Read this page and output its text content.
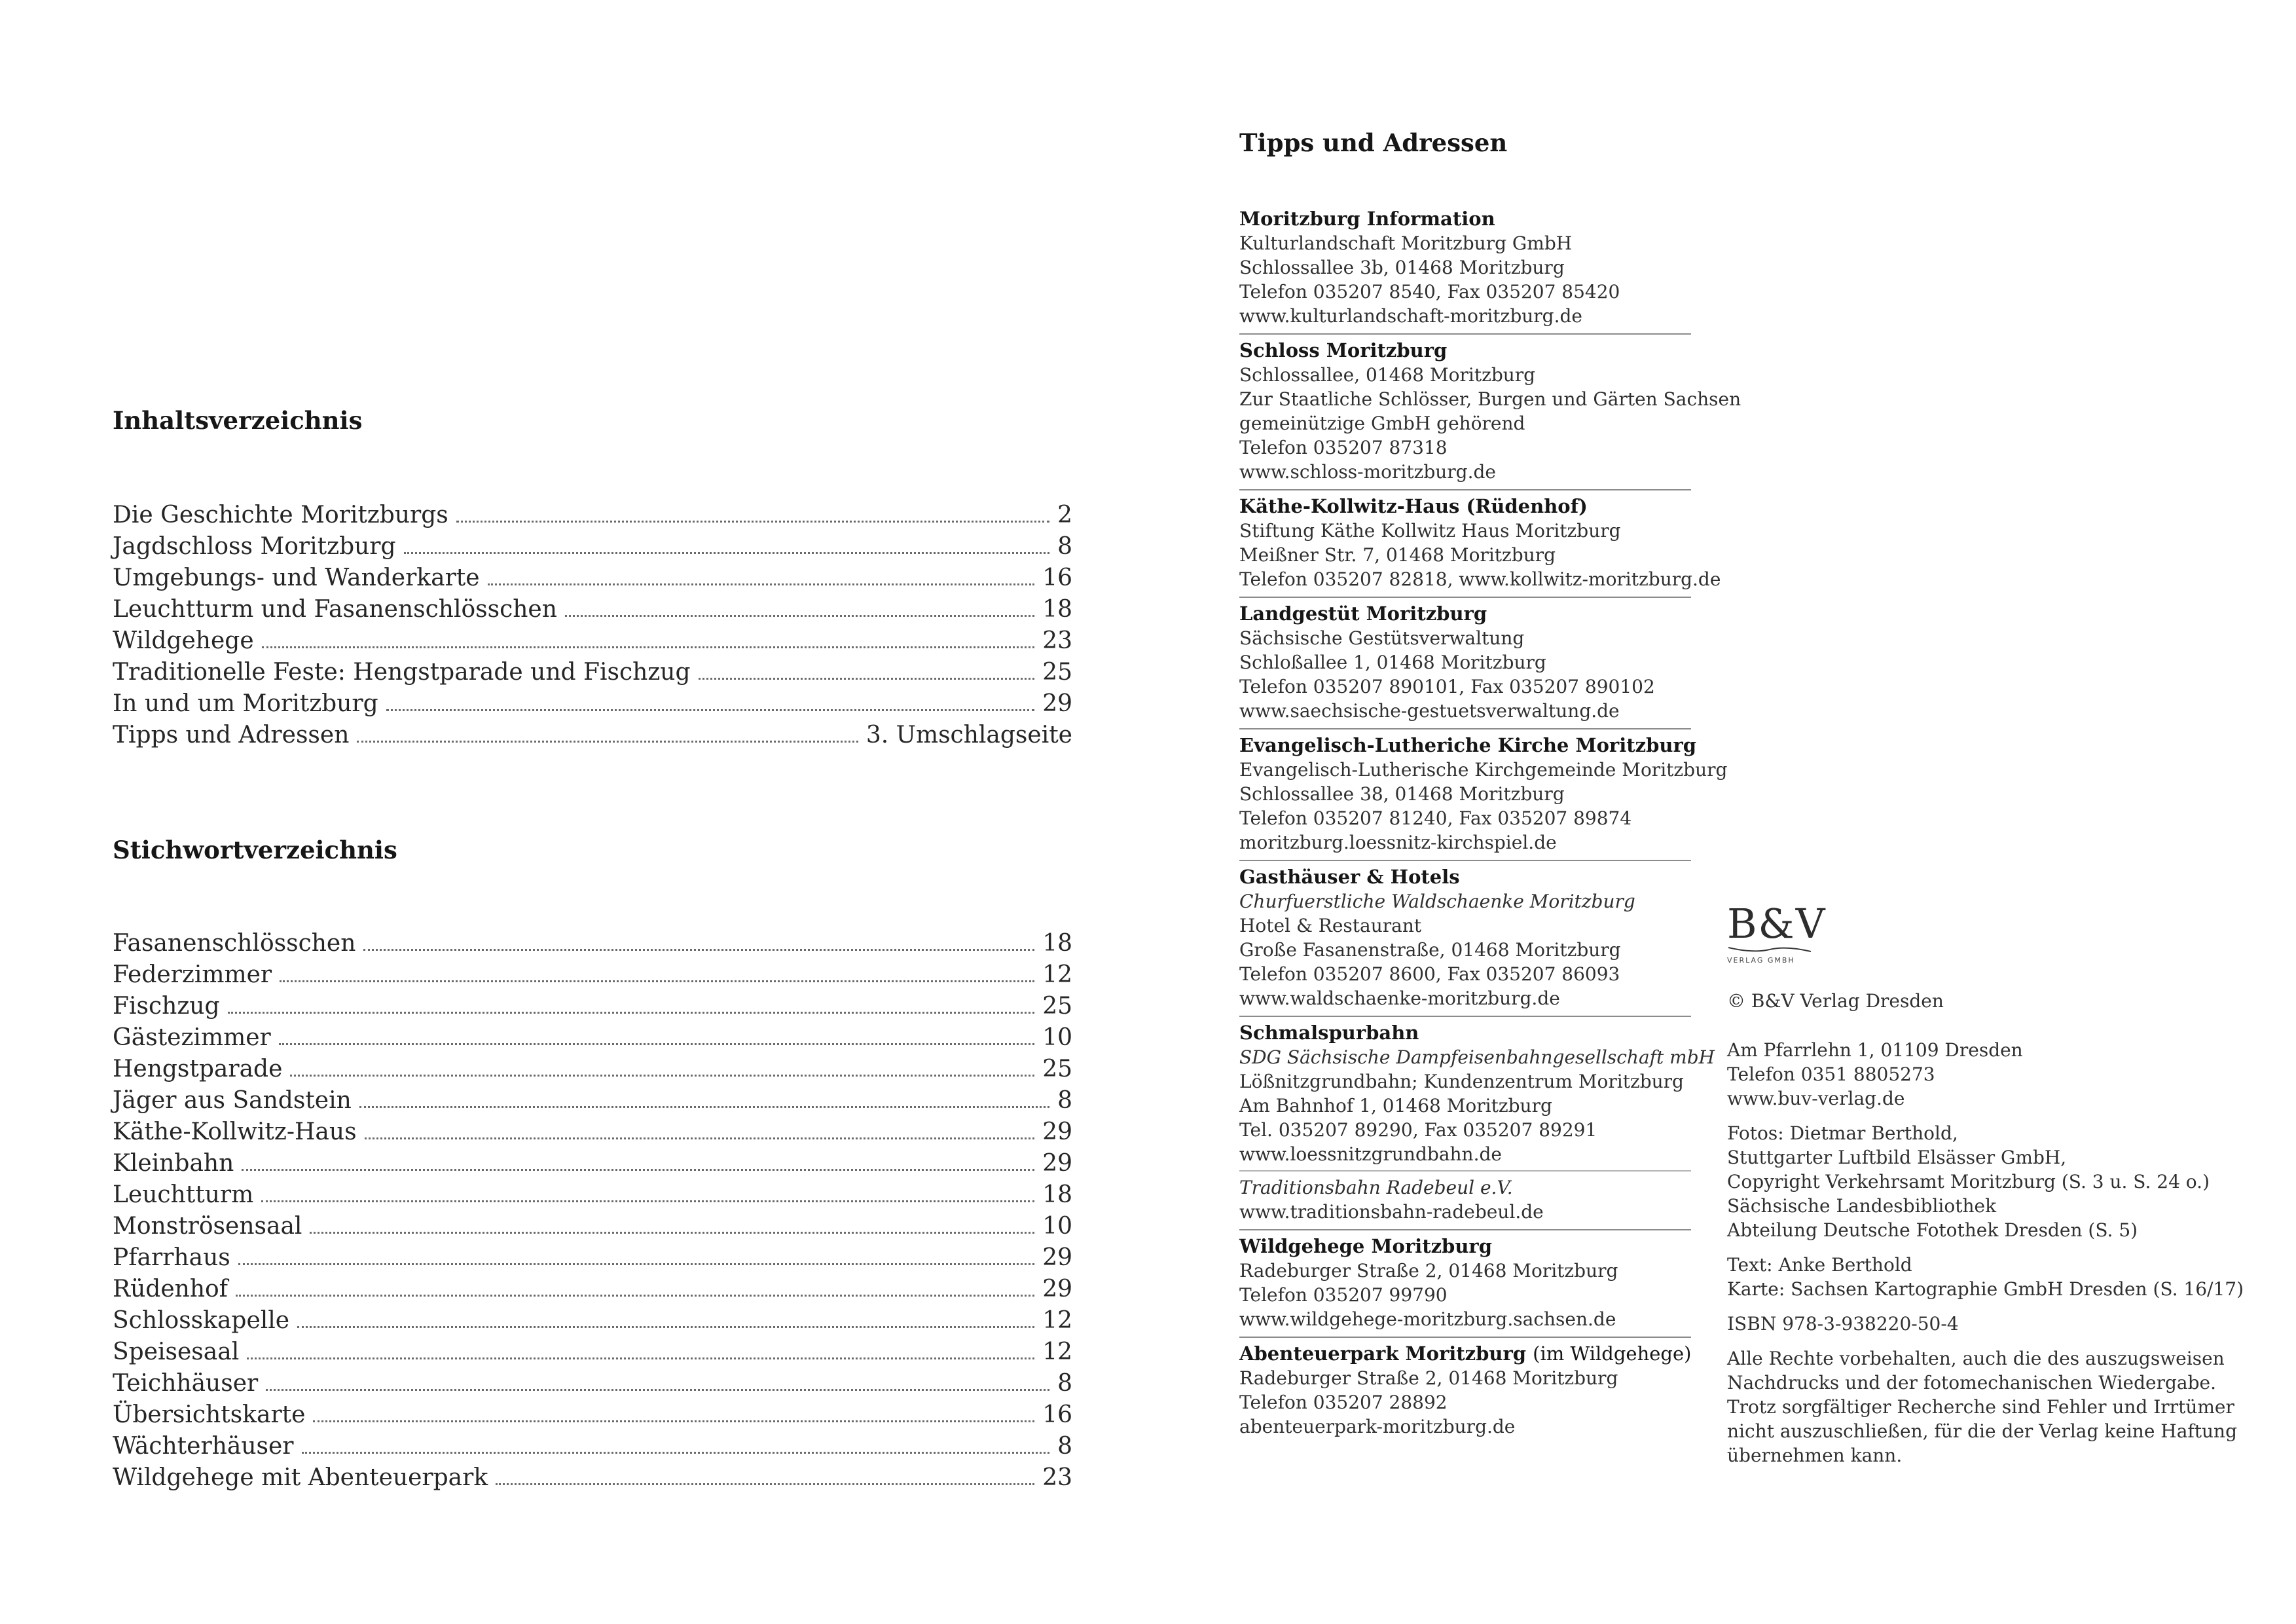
Inhaltsverzeichnis
Die Geschichte Moritzburgs	2
Jagdschloss Moritzburg	8
Umgebungs- und Wanderkarte	16
Leuchtturm und Fasanenschlösschen	18
Wildgehege	23
Traditionelle Feste: Hengstparade und Fischzug	25
In und um Moritzburg	29
Tipps und Adressen	3. Umschlagseite
Stichwortverzeichnis
Fasanenschlösschen	18
Federzimmer	12
Fischzug	25
Gästezimmer	10
Hengstparade	25
Jäger aus Sandstein	8
Käthe-Kollwitz-Haus	29
Kleinbahn	29
Leuchtturm	18
Monströsensaal	10
Pfarrhaus	29
Rüdenhof	29
Schlosskapelle	12
Speisesaal	12
Teichhäuser	8
Übersichtskarte	16
Wächterhäuser	8
Wildgehege mit Abenteuerpark	23
Tipps und Adressen
Moritzburg Information
Kulturlandschaft Moritzburg GmbH
Schlossallee 3b, 01468 Moritzburg
Telefon 035207 8540, Fax 035207 85420
www.kulturlandschaft-moritzburg.de
Schloss Moritzburg
Schlossallee, 01468 Moritzburg
Zur Staatliche Schlösser, Burgen und Gärten Sachsen
gemeinützige GmbH gehörend
Telefon 035207 87318
www.schloss-moritzburg.de
Käthe-Kollwitz-Haus (Rüdenhof)
Stiftung Käthe Kollwitz Haus Moritzburg
Meißner Str. 7, 01468 Moritzburg
Telefon 035207 82818, www.kollwitz-moritzburg.de
Landgestüt Moritzburg
Sächsische Gestütsverwaltung
Schloßallee 1, 01468 Moritzburg
Telefon 035207 890101, Fax 035207 890102
www.saechsische-gestuetsverwaltung.de
Evangelisch-Lutheriche Kirche Moritzburg
Evangelisch-Lutherische Kirchgemeinde Moritzburg
Schlossallee 38, 01468 Moritzburg
Telefon 035207 81240, Fax 035207 89874
moritzburg.loessnitz-kirchspiel.de
Gasthäuser & Hotels
Churfuerstliche Waldschaenke Moritzburg
Hotel & Restaurant
Große Fasanenstraße, 01468 Moritzburg
Telefon 035207 8600, Fax 035207 86093
www.waldschaenke-moritzburg.de
Schmalspurbahn
SDG Sächsische Dampfeisenbahngesellschaft mbH
Lößnitzgrundbahn; Kundenzentrum Moritzburg
Am Bahnhof 1, 01468 Moritzburg
Tel. 035207 89290, Fax 035207 89291
www.loessnitzgrundbahn.de
Traditionsbahn Radebeul e.V.
www.traditionsbahn-radebeul.de
Wildgehege Moritzburg
Radeburger Straße 2, 01468 Moritzburg
Telefon 035207 99790
www.wildgehege-moritzburg.sachsen.de
Abenteuerpark Moritzburg (im Wildgehege)
Radeburger Straße 2, 01468 Moritzburg
Telefon 035207 28892
abenteuerpark-moritzburg.de
B&V
VERLAG GMBH
© B&V Verlag Dresden
Am Pfarrlehn 1, 01109 Dresden
Telefon 0351 8805273
www.buv-verlag.de
Fotos: Dietmar Berthold,
Stuttgarter Luftbild Elsässer GmbH,
Copyright Verkehrsamt Moritzburg (S. 3 u. S. 24 o.)
Sächsische Landesbibliothek
Abteilung Deutsche Fotothek Dresden (S. 5)
Text: Anke Berthold
Karte: Sachsen Kartographie GmbH Dresden (S. 16/17)
ISBN 978-3-938220-50-4
Alle Rechte vorbehalten, auch die des auszugsweisen
Nachdrucks und der fotomechanischen Wiedergabe.
Trotz sorgfältiger Recherche sind Fehler und Irrtümer
nicht auszuschließen, für die der Verlag keine Haftung
übernehmen kann.
